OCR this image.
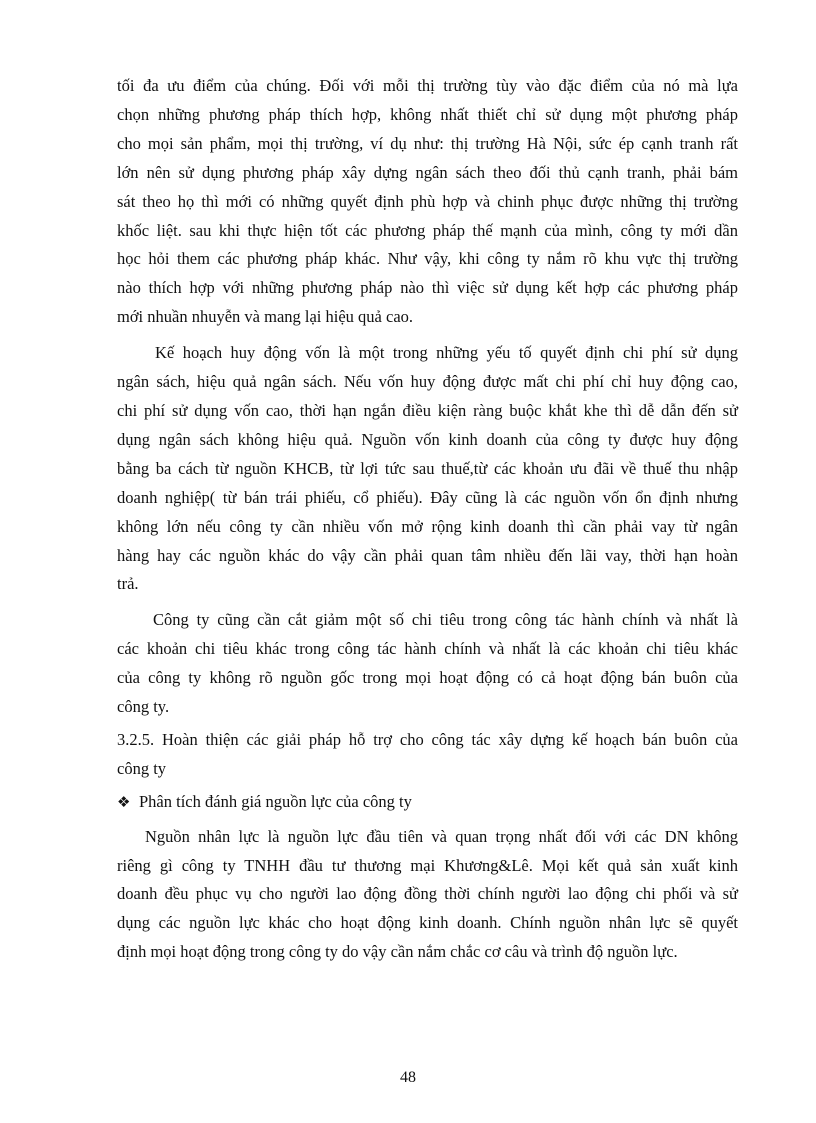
tối đa ưu điểm của chúng. Đối với mỗi thị trường tùy vào đặc điểm của nó mà lựa
chọn những phương pháp thích hợp, không nhất thiết chỉ sử dụng một phương pháp
cho mọi sản phẩm, mọi thị trường, ví dụ như: thị trường Hà Nội, sức ép cạnh tranh rất
lớn nên sử dụng phương pháp xây dựng ngân sách theo đối thủ cạnh tranh, phải bám
sát theo họ thì mới có những quyết định phù hợp và chinh phục được những thị trường
khốc liệt. sau khi thực hiện tốt các phương pháp thế mạnh của mình, công ty mới dần
học hỏi them các phương pháp khác. Như vậy, khi công ty nắm rõ khu vực thị trường
nào thích hợp với những phương pháp nào thì việc sử dụng kết hợp các phương pháp
mới nhuần nhuyễn và mang lại hiệu quả cao.
Kế hoạch huy động vốn là một trong những yếu tố quyết định chi phí sử dụng
ngân sách, hiệu quả ngân sách. Nếu vốn huy động được mất chi phí chỉ huy động cao,
chi phí sử dụng vốn cao, thời hạn ngắn điều kiện ràng buộc khắt khe thì dễ dẫn đến sử
dụng ngân sách không hiệu quả. Nguồn vốn kinh doanh của công ty được huy động
bằng ba cách từ nguồn KHCB, từ lợi tức sau thuế,từ các khoản ưu đãi về thuế thu nhập
doanh nghiệp( từ bán trái phiếu, cổ phiếu). Đây cũng là các nguồn vốn ổn định nhưng
không lớn nếu công ty cần nhiều vốn mở rộng kinh doanh thì cần phải vay từ ngân
hàng hay các nguồn khác do vậy cần phải quan tâm nhiều đến lãi vay, thời hạn hoàn
trả.
Công ty cũng cần cắt giảm một số chi tiêu trong công tác hành chính và nhất là
các khoản chi tiêu khác trong công tác hành chính và nhất là các khoản chi tiêu khác
của công ty không rõ nguồn gốc trong mọi hoạt động có cả hoạt động bán buôn của
công ty.
3.2.5. Hoàn thiện các giải pháp hỗ trợ cho công tác xây dựng kế hoạch bán buôn của
công ty
❖ Phân tích đánh giá nguồn lực của công ty
Nguồn nhân lực là nguồn lực đầu tiên và quan trọng nhất đối với các DN không
riêng gì công ty TNHH đầu tư thương mại Khương&Lê. Mọi kết quả sản xuất kinh
doanh đều phục vụ cho người lao động đồng thời chính người lao động chi phối và sử
dụng các nguồn lực khác cho hoạt động kinh doanh. Chính nguồn nhân lực sẽ quyết
định mọi hoạt động trong công ty do vậy cần nắm chắc cơ câu và trình độ nguồn lực.
48
